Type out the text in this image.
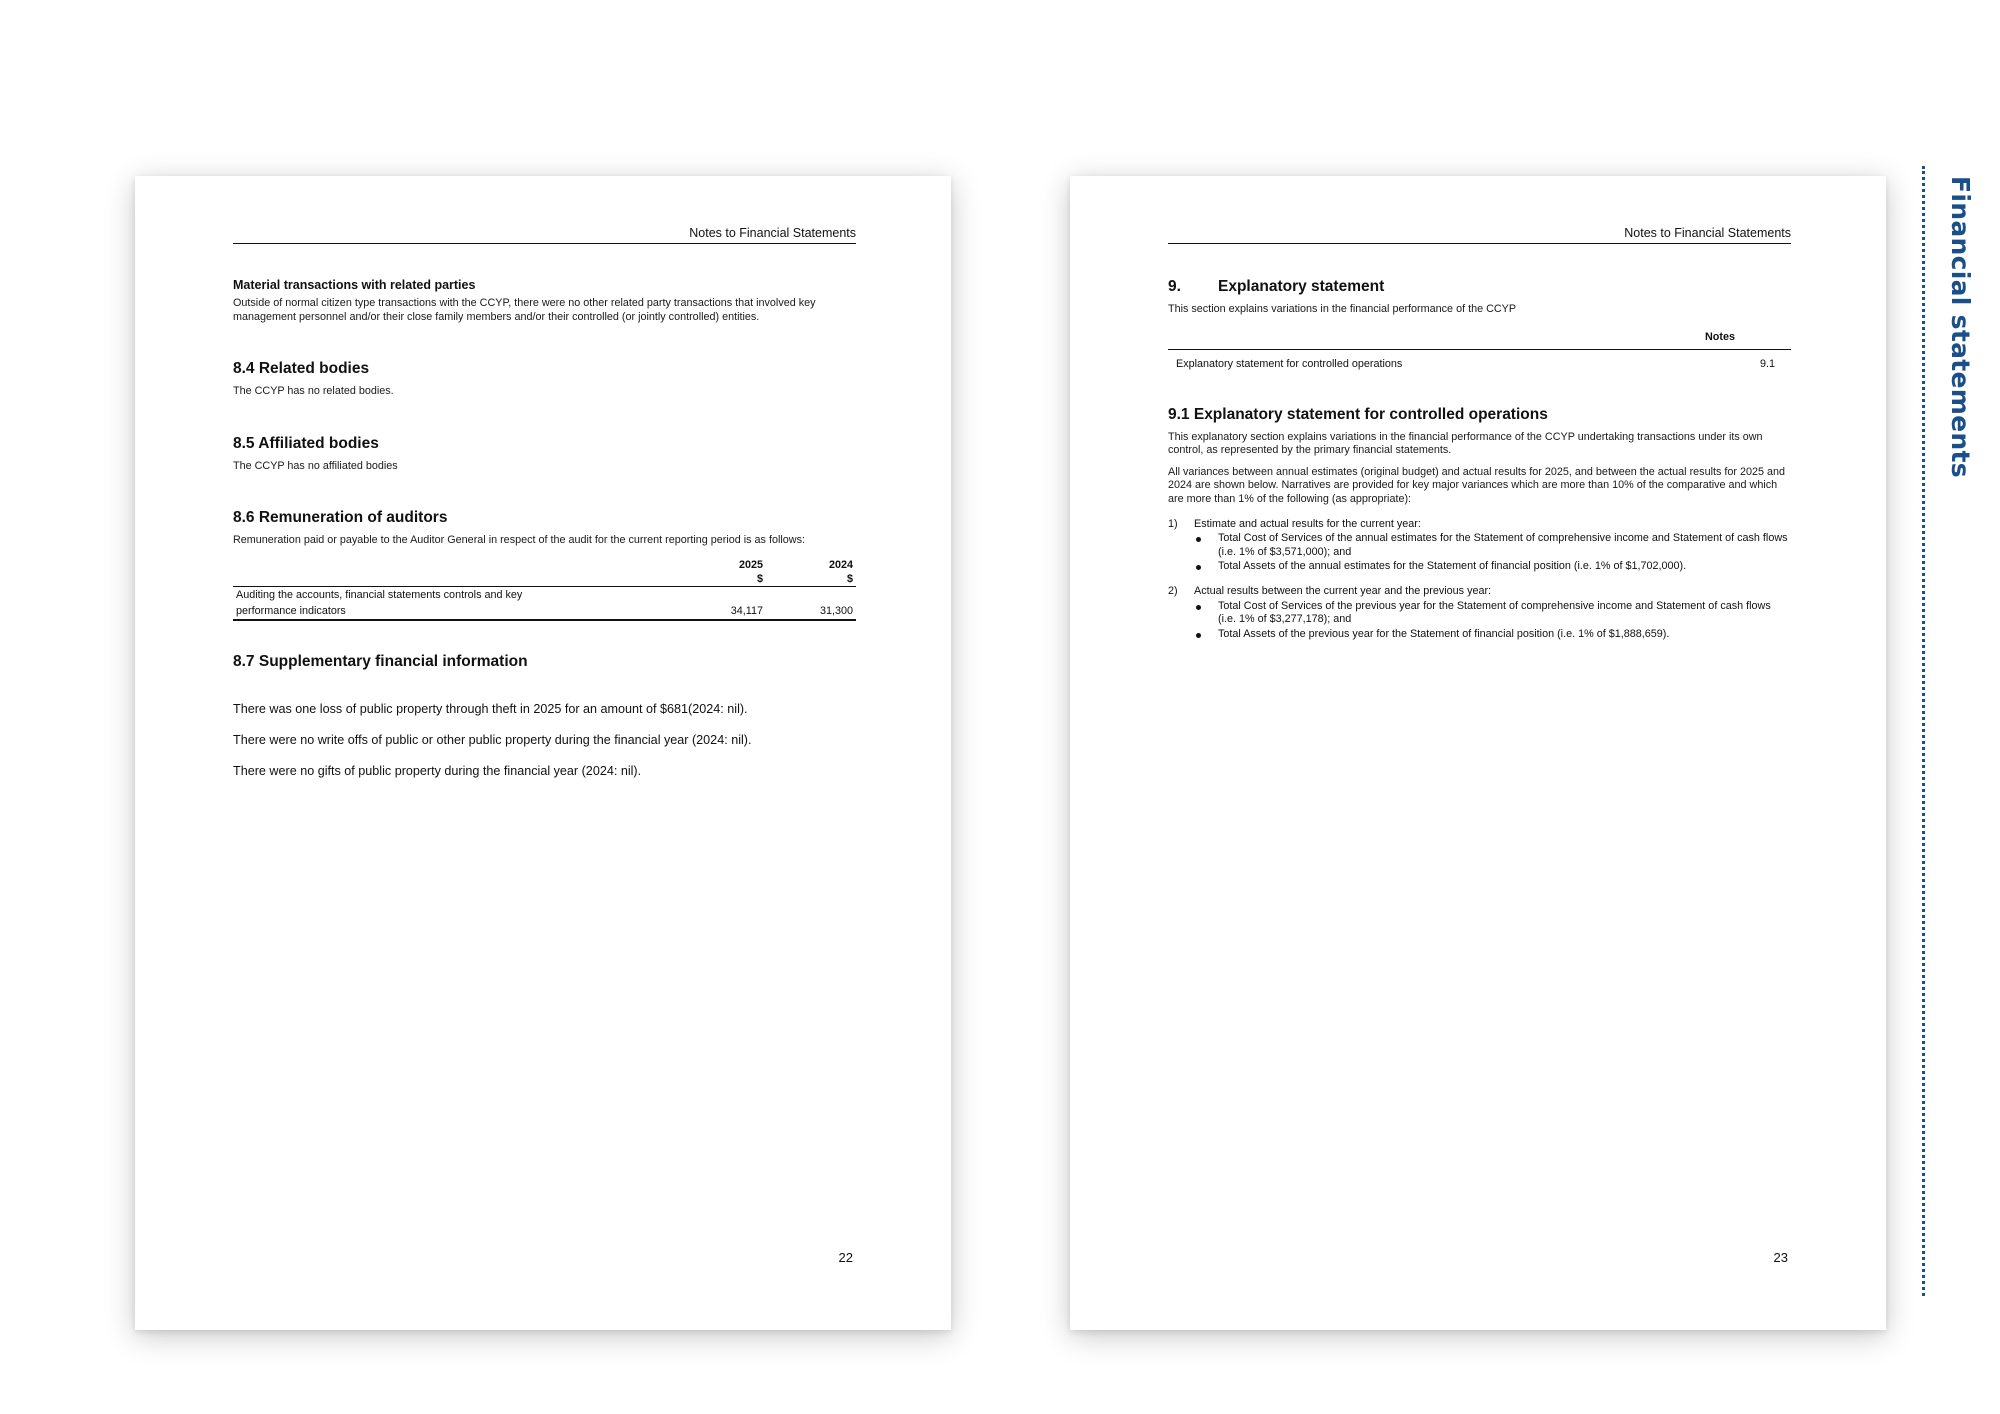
Notes to Financial Statements
Material transactions with related parties

Outside of normal citizen type transactions with the CCYP, there were no other related party transactions that involved key management personnel and/or their close family members and/or their controlled (or jointly controlled) entities.

8.4 Related bodies

The CCYP has no related bodies.

8.5 Affiliated bodies

The CCYP has no affiliated bodies

8.6 Remuneration of auditors

Remuneration paid or payable to the Auditor General in respect of the audit for the current reporting period is as follows:

	2025	2024
	$	$
Auditing the accounts, financial statements controls and key		
performance indicators	34,117	31,300
8.7 Supplementary financial information

There was one loss of public property through theft in 2025 for an amount of $681(2024: nil).

There were no write offs of public or other public property during the financial year (2024: nil).

There were no gifts of public property during the financial year (2024: nil).

22
Notes to Financial Statements
9. Explanatory statement

This section explains variations in the financial performance of the CCYP

	Notes
Explanatory statement for controlled operations	9.1
9.1 Explanatory statement for controlled operations

This explanatory section explains variations in the financial performance of the CCYP undertaking transactions under its own control, as represented by the primary financial statements.

All variances between annual estimates (original budget) and actual results for 2025, and between the actual results for 2025 and 2024 are shown below. Narratives are provided for key major variances which are more than 10% of the comparative and which are more than 1% of the following (as appropriate):

1)	Estimate and actual results for the current year:
Total Cost of Services of the annual estimates for the Statement of comprehensive income and Statement of cash flows (i.e. 1% of $3,571,000); and
Total Assets of the annual estimates for the Statement of financial position (i.e. 1% of $1,702,000).
2)	Actual results between the current year and the previous year:
Total Cost of Services of the previous year for the Statement of comprehensive income and Statement of cash flows (i.e. 1% of $3,277,178); and
Total Assets of the previous year for the Statement of financial position (i.e. 1% of $1,888,659).
23
Financial statements
